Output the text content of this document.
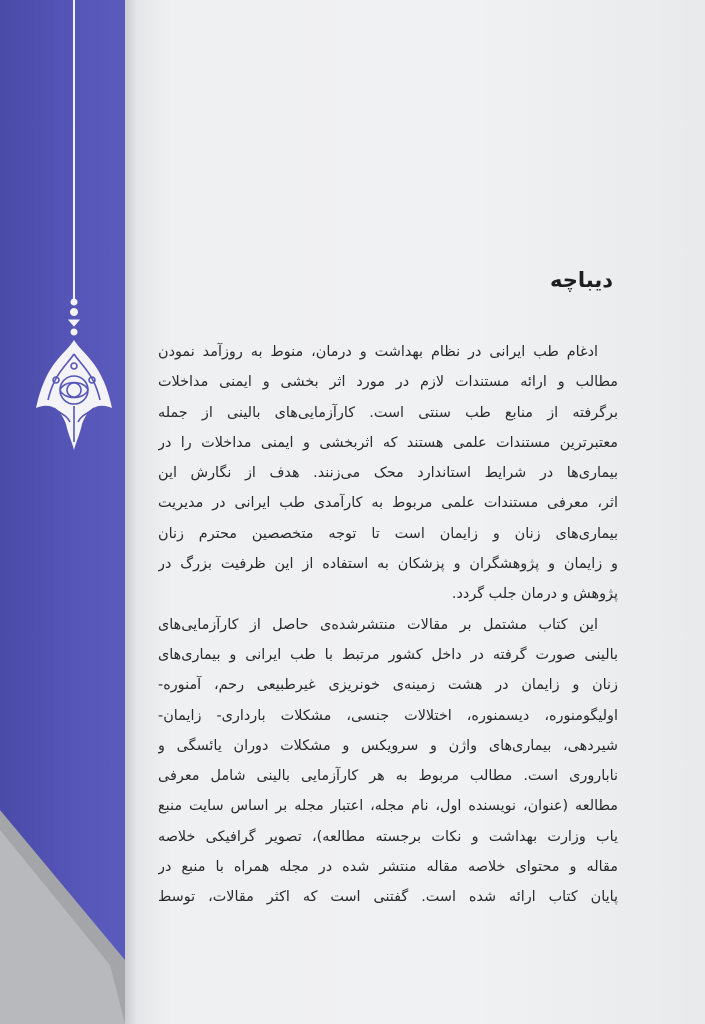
دیباچه
ادغام طب ایرانی در نظام بهداشت و درمان، منوط به روزآمد نمودن
مطالب و ارائه مستندات لازم در مورد اثر بخشی و ایمنی مداخلات
برگرفته از منابع طب سنتی است. کارآزمایی‌های بالینی از جمله
معتبرترین مستندات علمی هستند که اثربخشی و ایمنی مداخلات را در
بیماری‌ها در شرایط استاندارد محک می‌زنند. هدف از نگارش این
اثر، معرفی مستندات علمی مربوط به کارآمدی طب ایرانی در مدیریت
بیماری‌های زنان و زایمان است تا توجه متخصصین محترم زنان
و زایمان و پژوهشگران و پزشکان به استفاده از این ظرفیت بزرگ در
پژوهش و درمان جلب گردد.
این کتاب مشتمل بر مقالات منتشرشده‌ی حاصل از کارآزمایی‌های
بالینی صورت گرفته در داخل کشور مرتبط با طب ایرانی و بیماری‌های
زنان و زایمان در هشت زمینه‌ی خونریزی غیرطبیعی رحم، آمنوره-
اولیگومنوره، دیسمنوره، اختلالات جنسی، مشکلات بارداری- زایمان-
شیردهی، بیماری‌های واژن و سرویکس و مشکلات دوران یائسگی و
ناباروری است. مطالب مربوط به هر کارآزمایی بالینی شامل معرفی
مطالعه (عنوان، نویسنده اول، نام مجله، اعتبار مجله بر اساس سایت منبع
یاب وزارت بهداشت و نکات برجسته مطالعه)، تصویر گرافیکی خلاصه
مقاله و محتوای خلاصه مقاله منتشر شده در مجله همراه با منبع در
پایان کتاب ارائه شده است. گفتنی است که اکثر مقالات، توسط
